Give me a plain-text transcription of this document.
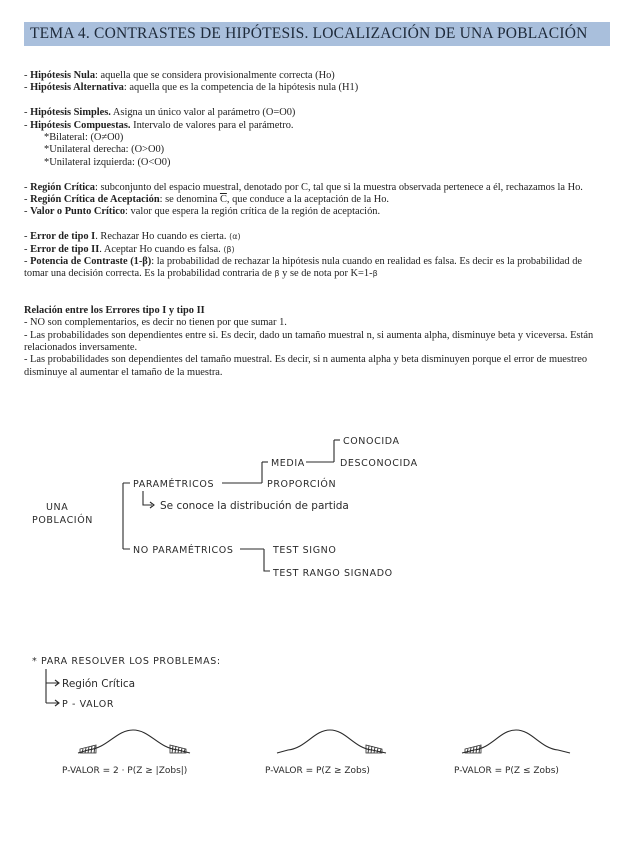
TEMA 4. CONTRASTES DE HIPÓTESIS. LOCALIZACIÓN DE UNA POBLACIÓN

- Hipótesis Nula: aquella que se considera provisionalmente correcta (Ho)

- Hipótesis Alternativa: aquella que es la competencia de la hipótesis nula (H1)

- Hipótesis Simples. Asigna un único valor al parámetro (O=O0)

- Hipótesis Compuestas. Intervalo de valores para el parámetro.

*Bilateral: (O≠O0)

*Unilateral derecha: (O>O0)

*Unilateral izquierda: (O<O0)

- Región Crítica: subconjunto del espacio muestral, denotado por C, tal que si la muestra observada pertenece a él, rechazamos la Ho.

- Región Crítica de Aceptación: se denomina $\overline{C}$, que conduce a la aceptación de la Ho.

- Valor o Punto Crítico: valor que espera la región crítica de la región de aceptación.

- Error de tipo I. Rechazar Ho cuando es cierta. (α)

- Error de tipo II. Aceptar Ho cuando es falsa. (β)

- Potencia de Contraste (1-β): la probabilidad de rechazar la hipótesis nula cuando en realidad es falsa. Es decir es la probabilidad de tomar una decisión correcta. Es la probabilidad contraria de β y se de nota por K=1-β

Relación entre los Errores tipo I y tipo II

- NO son complementarios, es decir no tienen por que sumar 1.

- Las probabilidades son dependientes entre si. Es decir, dado un tamaño muestral n, si aumenta alpha, disminuye beta y viceversa. Están relacionados inversamente.

- Las probabilidades son dependientes del tamaño muestral. Es decir, si n aumenta alpha y beta disminuyen porque el error de muestreo disminuye al aumentar el tamaño de la muestra.

UNA
POBLACIÓN
PARAMÉTRICOS
MEDIA
CONOCIDA
DESCONOCIDA
PROPORCIÓN
Se conoce la distribución de partida
NO PARAMÉTRICOS	TEST SIGNO
TEST RANGO SIGNADO
* PARA RESOLVER LOS PROBLEMAS:
Región Crítica
P - VALOR
P-VALOR = 2 · P(Z ≥ |Zobs|)	P-VALOR = P(Z ≥ Zobs)	P-VALOR = P(Z ≤ Zobs)
